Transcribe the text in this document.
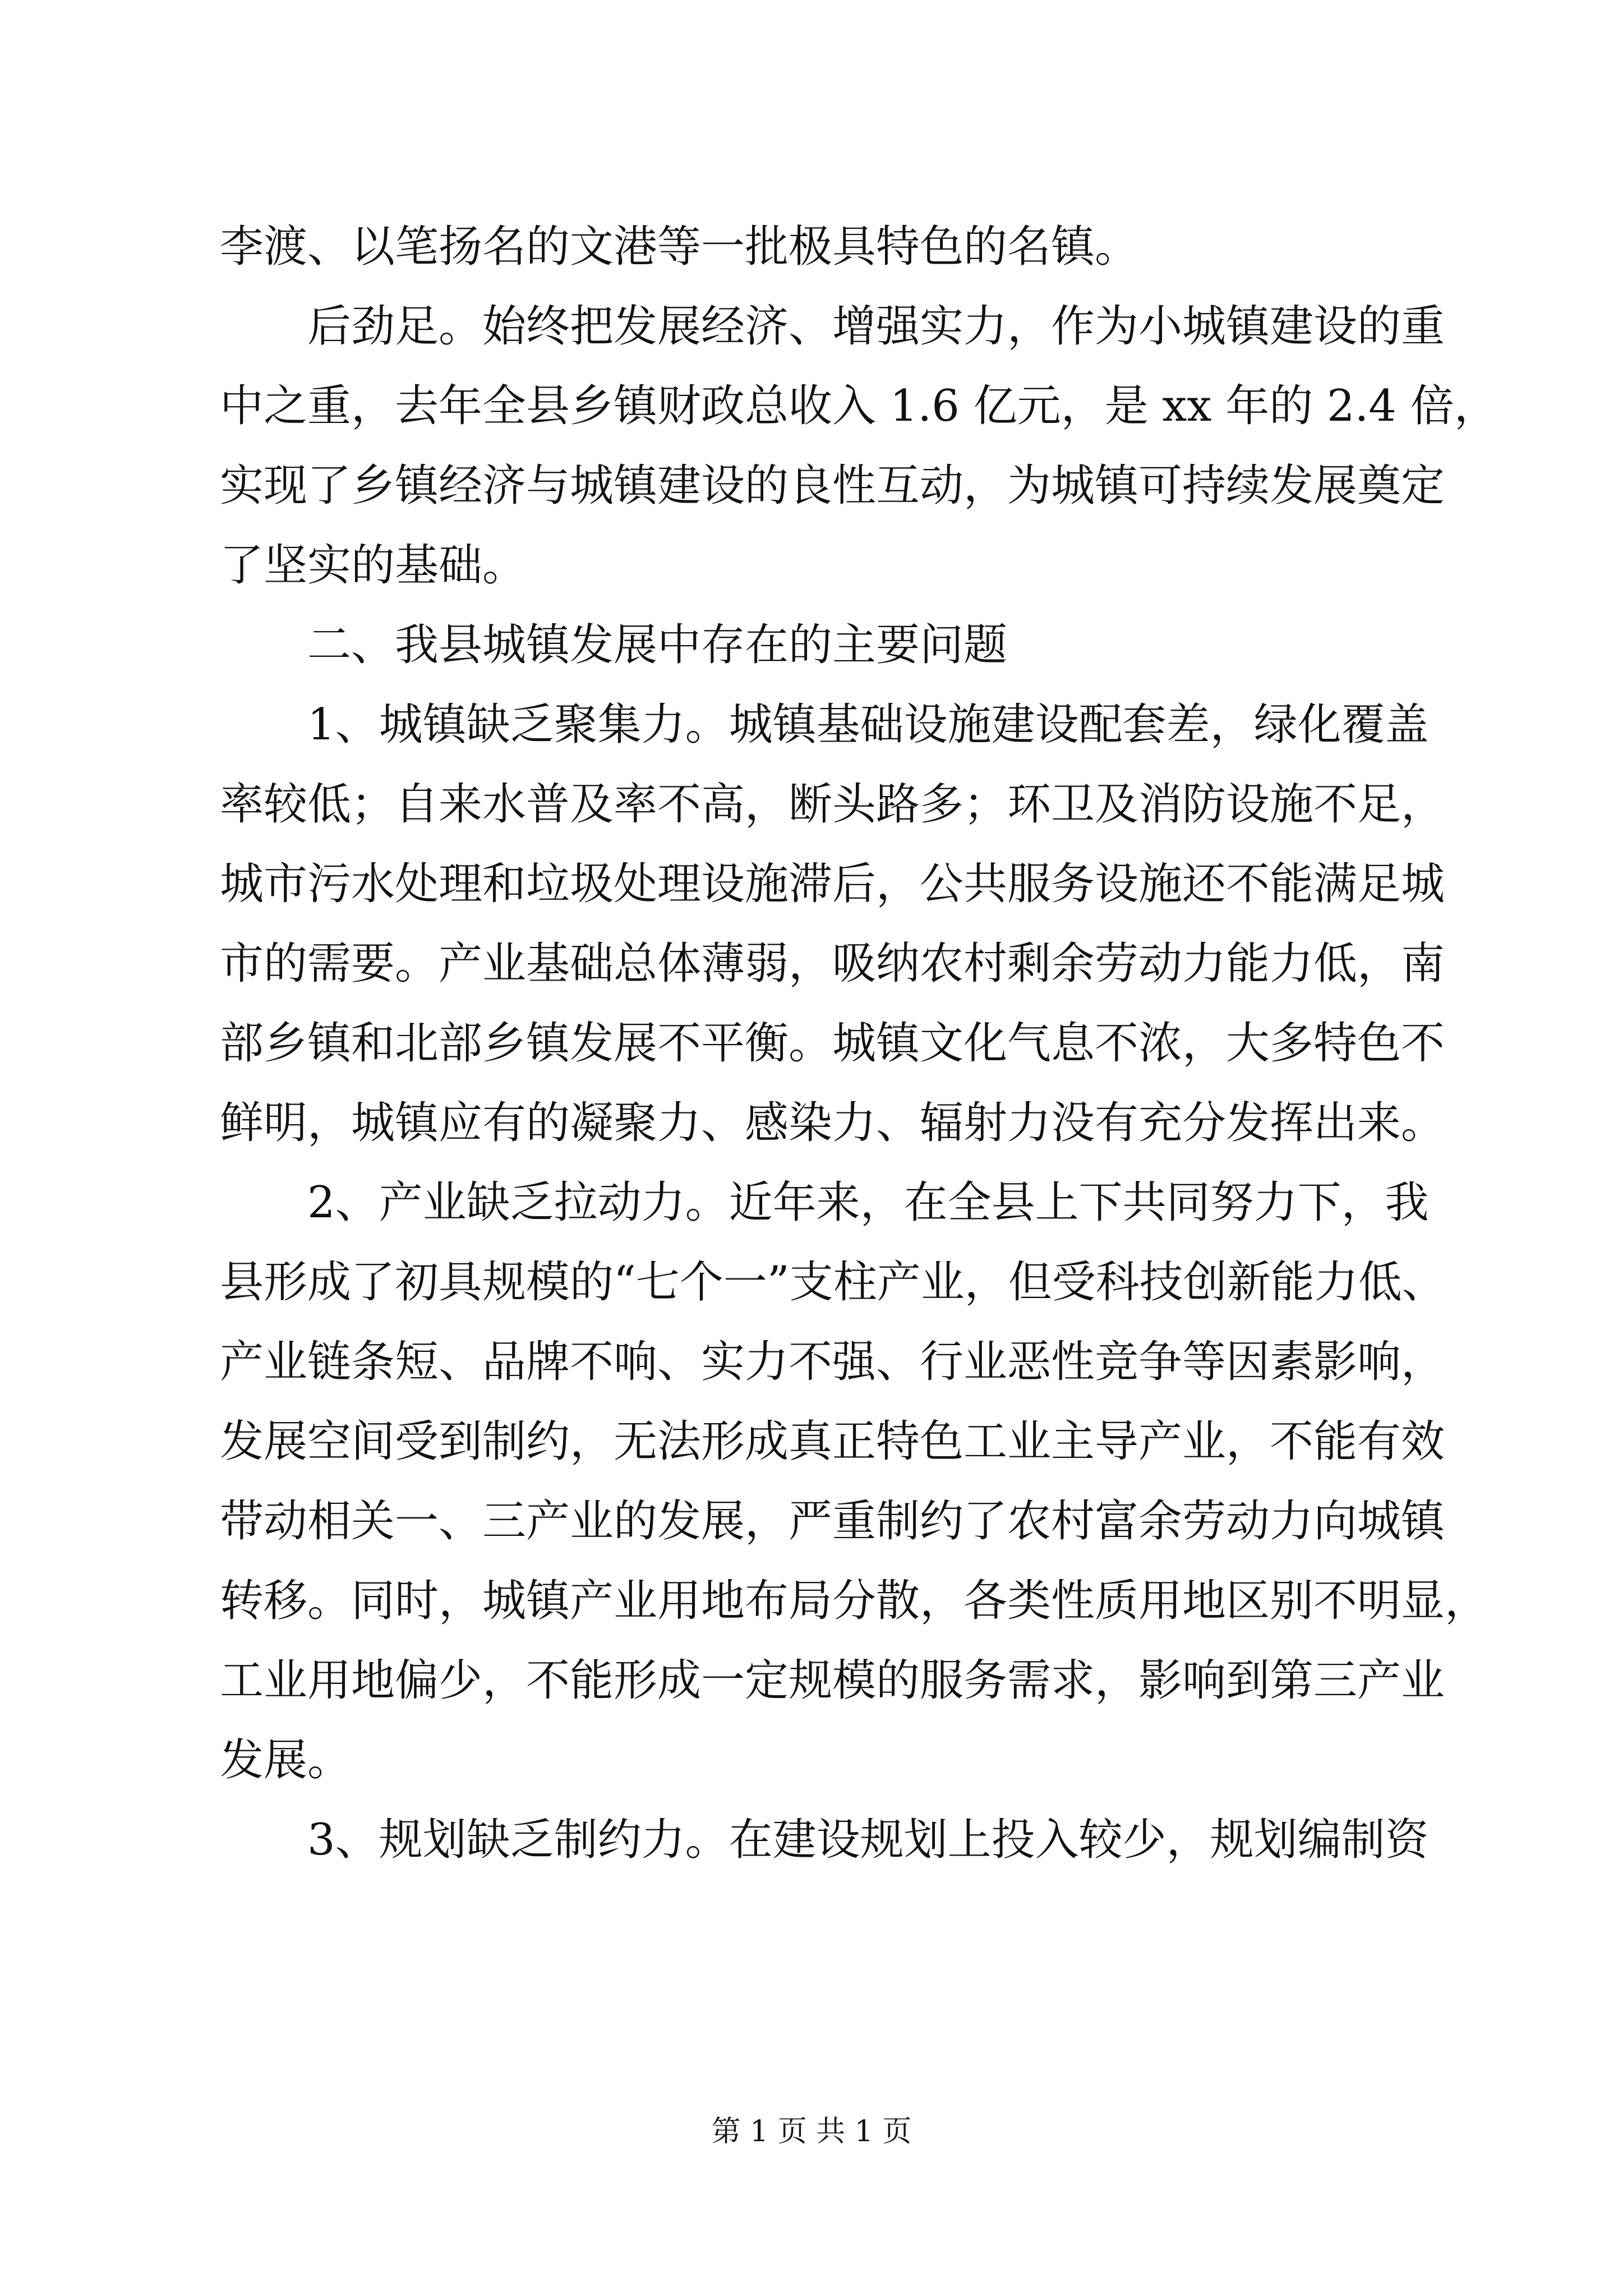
李渡、以笔扬名的文港等一批极具特色的名镇。
后劲足。始终把发展经济、增强实力，作为小城镇建设的重
中之重，去年全县乡镇财政总收入 1.6 亿元，是 xx 年的 2.4 倍，
实现了乡镇经济与城镇建设的良性互动，为城镇可持续发展奠定
了坚实的基础。
二、我县城镇发展中存在的主要问题
1、城镇缺乏聚集力。城镇基础设施建设配套差，绿化覆盖
率较低；自来水普及率不高，断头路多；环卫及消防设施不足，
城市污水处理和垃圾处理设施滞后，公共服务设施还不能满足城
市的需要。产业基础总体薄弱，吸纳农村剩余劳动力能力低，南
部乡镇和北部乡镇发展不平衡。城镇文化气息不浓，大多特色不
鲜明，城镇应有的凝聚力、感染力、辐射力没有充分发挥出来。
2、产业缺乏拉动力。近年来，在全县上下共同努力下，我
县形成了初具规模的“七个一”支柱产业，但受科技创新能力低、
产业链条短、品牌不响、实力不强、行业恶性竞争等因素影响，
发展空间受到制约，无法形成真正特色工业主导产业，不能有效
带动相关一、三产业的发展，严重制约了农村富余劳动力向城镇
转移。同时，城镇产业用地布局分散，各类性质用地区别不明显，
工业用地偏少，不能形成一定规模的服务需求，影响到第三产业
发展。
3、规划缺乏制约力。在建设规划上投入较少，规划编制资
第 1 页 共 1 页
